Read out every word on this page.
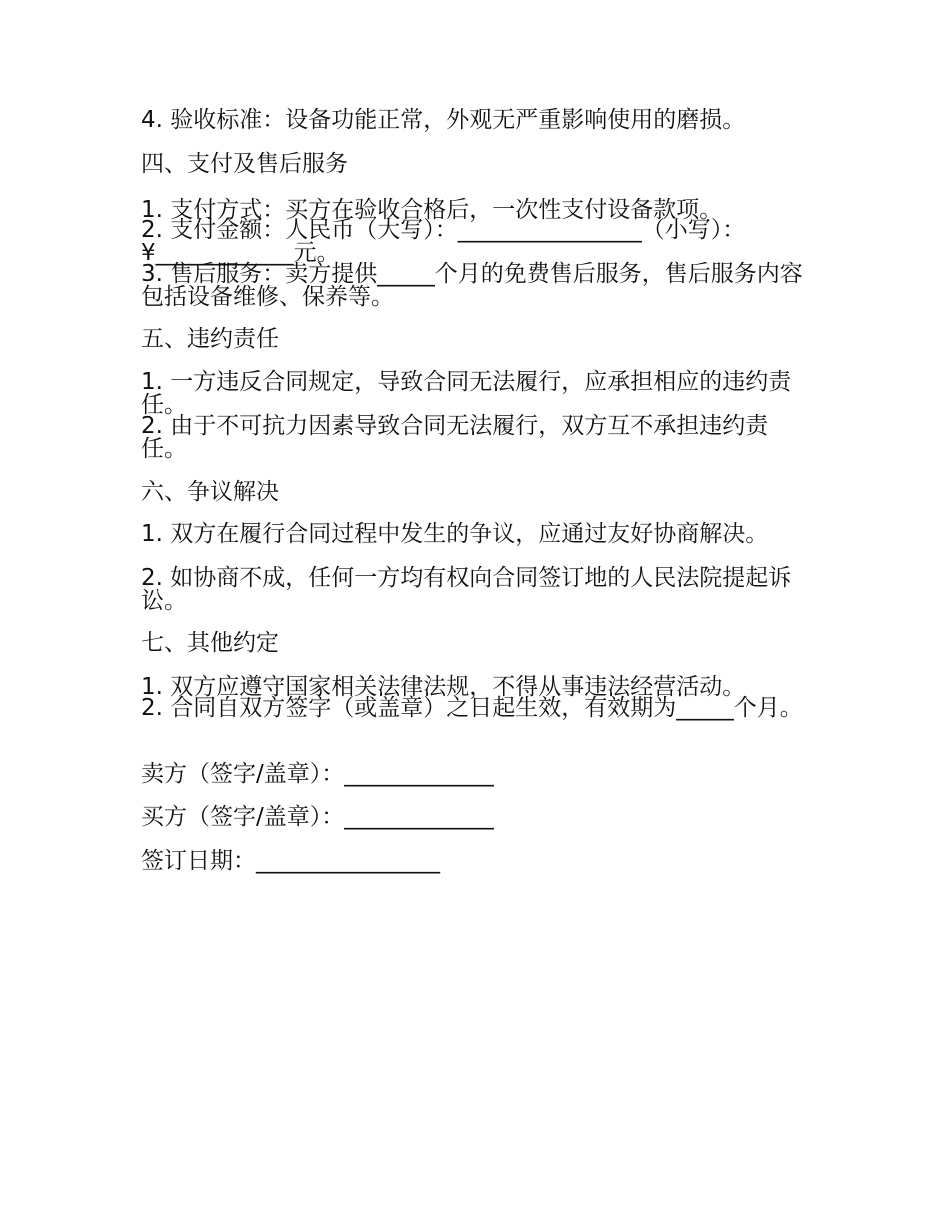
4. 验收标准：设备功能正常，外观无严重影响使用的磨损。

四、支付及售后服务

1. 支付方式：买方在验收合格后，一次性支付设备款项。

2. 支付金额：人民币（大写）：________________（小写）：¥____________元。

3. 售后服务：卖方提供_____个月的免费售后服务，售后服务内容包括设备维修、保养等。

五、违约责任

1. 一方违反合同规定，导致合同无法履行，应承担相应的违约责任。

2. 由于不可抗力因素导致合同无法履行，双方互不承担违约责任。

六、争议解决

1. 双方在履行合同过程中发生的争议，应通过友好协商解决。

2. 如协商不成，任何一方均有权向合同签订地的人民法院提起诉讼。

七、其他约定

1. 双方应遵守国家相关法律法规，不得从事违法经营活动。

2. 合同自双方签字（或盖章）之日起生效，有效期为_____个月。

卖方（签字/盖章）：_____________

买方（签字/盖章）：_____________

签订日期：________________
